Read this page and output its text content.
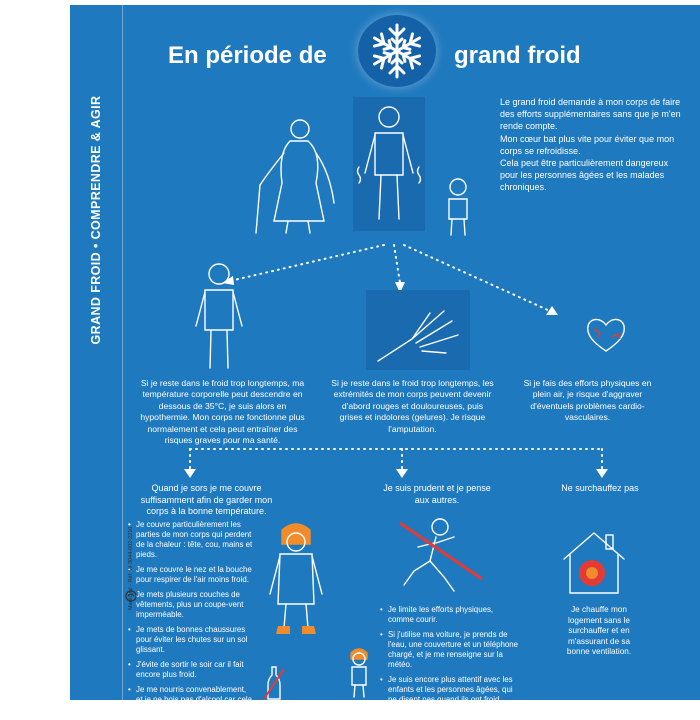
GRAND FROID • COMPRENDRE & AGIR
En période de	grand froid

Le grand froid demande à mon corps de faire des efforts supplémentaires sans que je m'en rende compte.

Mon cœur bat plus vite pour éviter que mon corps se refroidisse.

Cela peut être particulièrement dangereux pour les personnes âgées et les malades chroniques.

Si je reste dans le froid trop longtemps, ma température corporelle peut descendre en dessous de 35°C, je suis alors en hypothermie. Mon corps ne fonctionne plus normalement et cela peut entraîner des risques graves pour ma santé.
Si je reste dans le froid trop longtemps, les extrémités de mon corps peuvent devenir d'abord rouges et douloureuses, puis grises et indolores (gelures). Je risque l'amputation.
Si je fais des efforts physiques en plein air, je risque d'aggraver d'éventuels problèmes cardio-vasculaires.
Quand je sors je me couvre suffisamment afin de garder mon corps à la bonne température.
• Je couvre particulièrement les parties de mon corps qui perdent de la chaleur : tête, cou, mains et pieds.
• Je me couvre le nez et la bouche pour respirer de l'air moins froid.
• Je mets plusieurs couches de vêtements, plus un coupe-vent imperméable.
• Je mets de bonnes chaussures pour éviter les chutes sur un sol glissant.
• J'évite de sortir le soir car il fait encore plus froid.
• Je me nourris convenablement, et je ne bois pas d'alcool car cela ne réchauffe pas.
Je suis prudent et je pense aux autres.
• Je limite les efforts physiques, comme courir.
• Si j'utilise ma voiture, je prends de l'eau, une couverture et un téléphone chargé, et je me renseigne sur la météo.
• Je suis encore plus attentif avec les enfants et les personnes âgées, qui ne disent pas quand ils ont froid.
Ne surchauffez pas
Je chauffe mon logement sans le surchauffer et en m'assurant de sa bonne ventilation.
Maréchal - Réf. W-3044-002-2210
